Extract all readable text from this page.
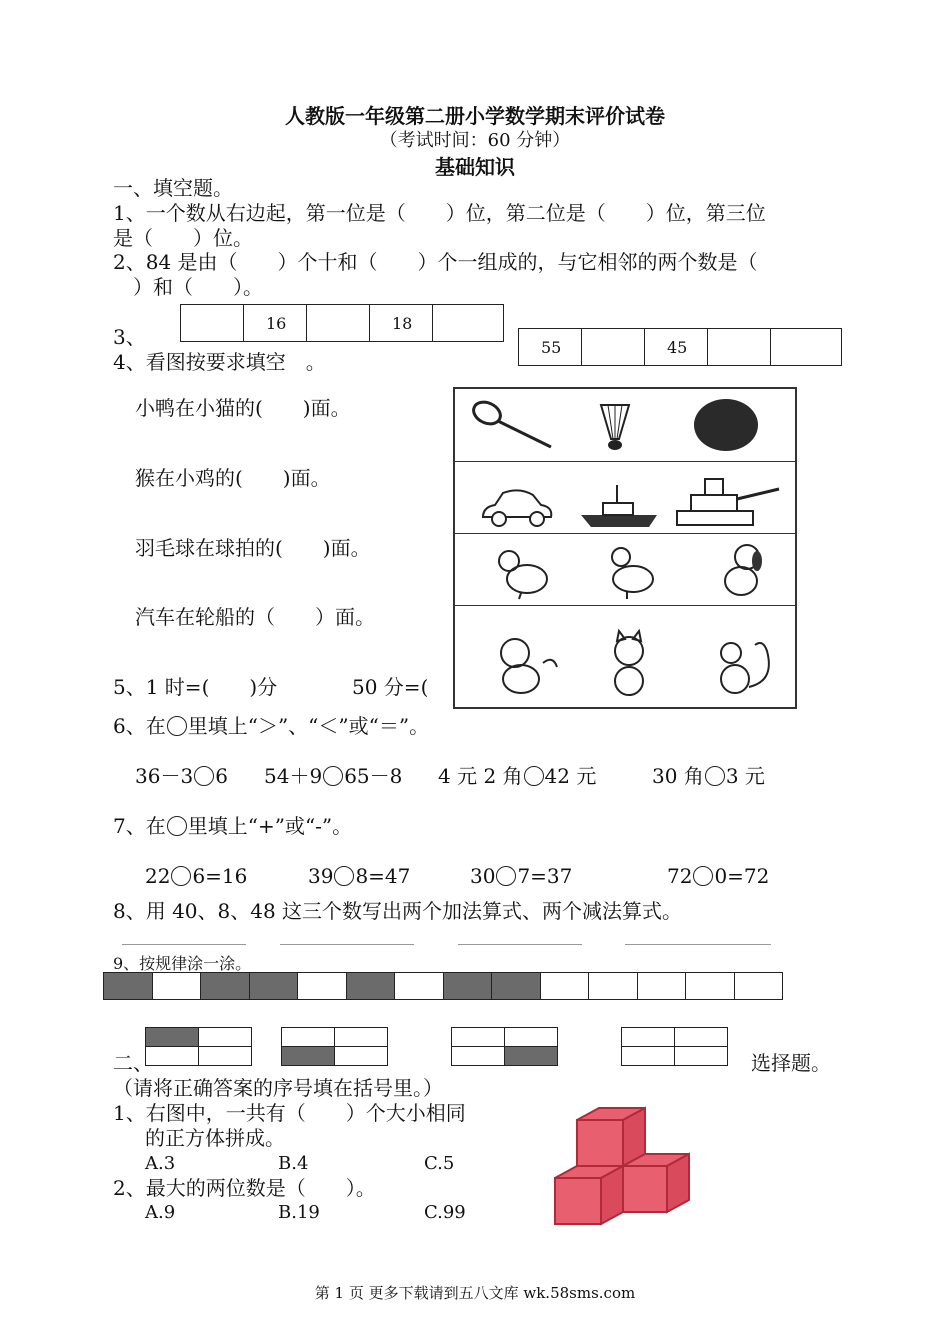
人教版一年级第二册小学数学期末评价试卷
（考试时间：60 分钟）
基础知识
一、填空题。
1、一个数从右边起，第一位是（　　）位，第二位是（　　）位，第三位
是（　　）位。
2、84 是由（　　）个十和（　　）个一组成的，与它相邻的两个数是（
　）和（　　）。
3、
	16		18	
55		45		
4、看图按要求填空　。
小鸭在小猫的(　　)面。
猴在小鸡的(　　)面。
羽毛球在球拍的(　　)面。
汽车在轮船的（　　）面。
5、1 时=(　　)分	50 分=(
6、在 里填上“＞”、“＜”或“＝”。
36－3 6 54＋9 65－8 4 元 2 角 42 元	30 角 3 元
7、在 里填上“+”或“-”。
22 6=16	39 8=47	30 7=37	72 0=72
8、用 40、8、48 这三个数写出两个加法算式、两个减法算式。
9、按规律涂一涂。

二、	选择题。
（请将正确答案的序号填在括号里。）
1、右图中，一共有（　　）个大小相同
的正方体拼成。
A.3	B.4	C.5
2、最大的两位数是（　　）。
A.9	B.19	C.99
第 1 页 更多下载请到五八文库 wk.58sms.com
